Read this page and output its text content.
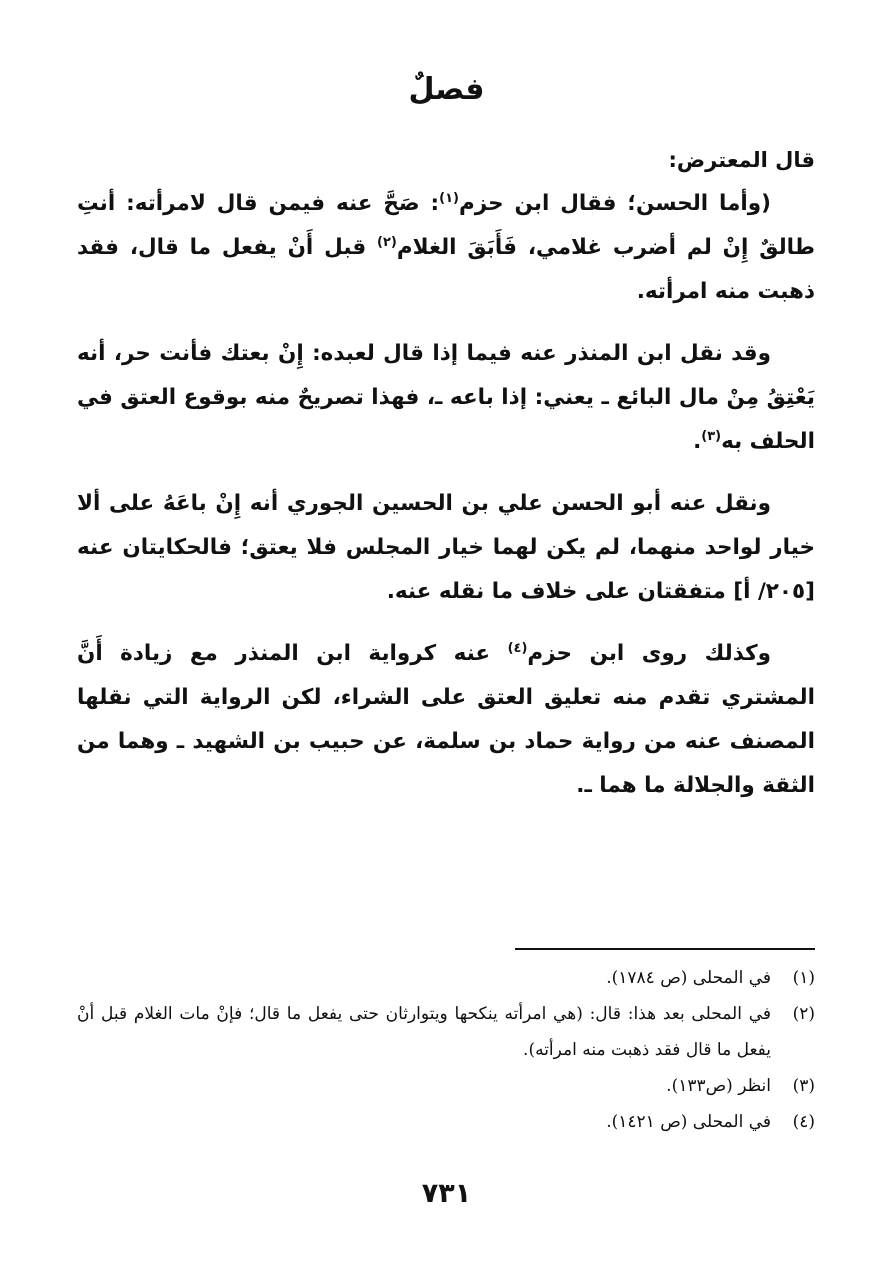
فصلٌ

قال المعترض:

(وأما الحسن؛ فقال ابن حزم$^{(١)}$: صَحَّ عنه فيمن قال لامرأته: أنتِ طالقٌ إِنْ لم أضرب غلامي، فَأَبَقَ الغلام$^{(٢)}$ قبل أَنْ يفعل ما قال، فقد ذهبت منه امرأته.

وقد نقل ابن المنذر عنه فيما إذا قال لعبده: إِنْ بعتك فأنت حر، أنه يَعْتِقُ مِنْ مال البائع ـ يعني: إذا باعه ـ، فهذا تصريحٌ منه بوقوع العتق في الحلف به$^{(٣)}$.

ونقل عنه أبو الحسن علي بن الحسين الجوري أنه إِنْ باعَهُ على ألا خيار لواحد منهما، لم يكن لهما خيار المجلس فلا يعتق؛ فالحكايتان عنه [٢٠٥/ أ] متفقتان على خلاف ما نقله عنه.

وكذلك روى ابن حزم$^{(٤)}$ عنه كرواية ابن المنذر مع زيادة أَنَّ المشتري تقدم منه تعليق العتق على الشراء، لكن الرواية التي نقلها المصنف عنه من رواية حماد بن سلمة، عن حبيب بن الشهيد ـ وهما من الثقة والجلالة ما هما ـ.

(١)
في المحلى (ص ١٧٨٤).

(٢)
في المحلى بعد هذا: قال: (هي امرأته ينكحها ويتوارثان حتى يفعل ما قال؛ فإنْ مات الغلام قبل أنْ يفعل ما قال فقد ذهبت منه امرأته).

(٣)
انظر (ص١٣٣).

(٤)
في المحلى (ص ١٤٢١).

٧٣١
